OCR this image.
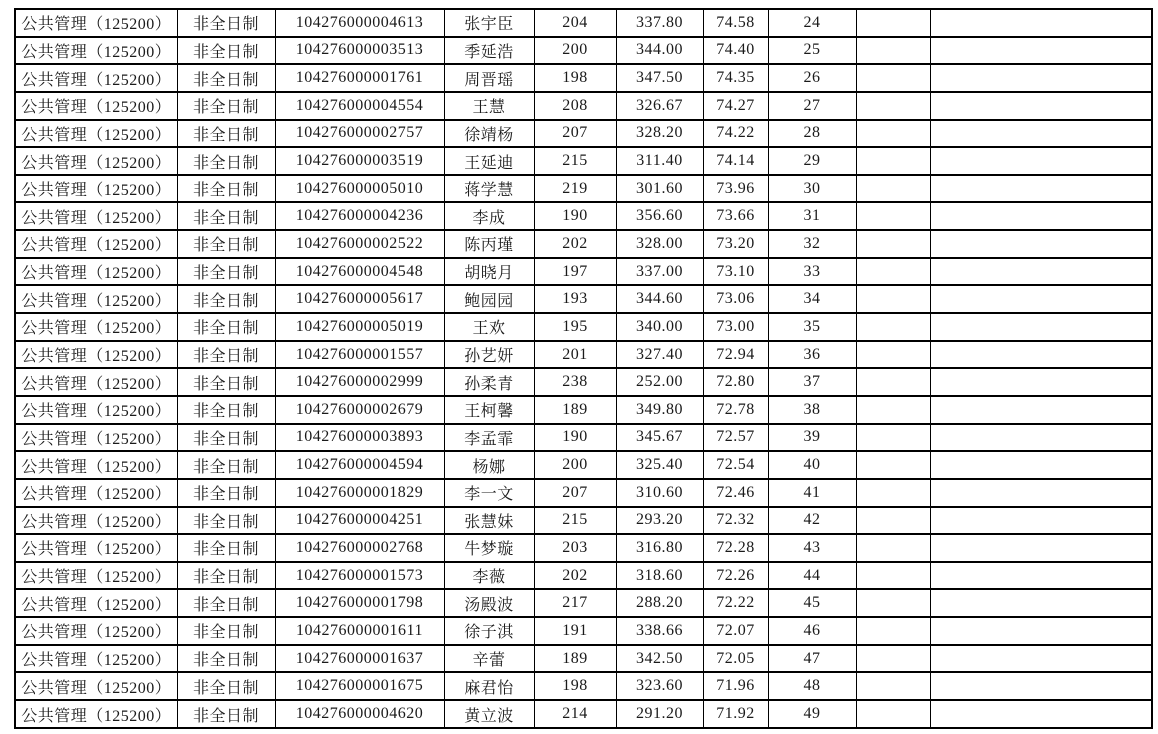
公共管理（125200）	非全日制	104276000004613	张宇臣	204	337.80	74.58	24		
公共管理（125200）	非全日制	104276000003513	季延浩	200	344.00	74.40	25		
公共管理（125200）	非全日制	104276000001761	周晋瑶	198	347.50	74.35	26		
公共管理（125200）	非全日制	104276000004554	王慧	208	326.67	74.27	27		
公共管理（125200）	非全日制	104276000002757	徐靖杨	207	328.20	74.22	28		
公共管理（125200）	非全日制	104276000003519	王延迪	215	311.40	74.14	29		
公共管理（125200）	非全日制	104276000005010	蒋学慧	219	301.60	73.96	30		
公共管理（125200）	非全日制	104276000004236	李成	190	356.60	73.66	31		
公共管理（125200）	非全日制	104276000002522	陈丙瑾	202	328.00	73.20	32		
公共管理（125200）	非全日制	104276000004548	胡晓月	197	337.00	73.10	33		
公共管理（125200）	非全日制	104276000005617	鲍园园	193	344.60	73.06	34		
公共管理（125200）	非全日制	104276000005019	王欢	195	340.00	73.00	35		
公共管理（125200）	非全日制	104276000001557	孙艺妍	201	327.40	72.94	36		
公共管理（125200）	非全日制	104276000002999	孙柔青	238	252.00	72.80	37		
公共管理（125200）	非全日制	104276000002679	王柯馨	189	349.80	72.78	38		
公共管理（125200）	非全日制	104276000003893	李孟霏	190	345.67	72.57	39		
公共管理（125200）	非全日制	104276000004594	杨娜	200	325.40	72.54	40		
公共管理（125200）	非全日制	104276000001829	李一文	207	310.60	72.46	41		
公共管理（125200）	非全日制	104276000004251	张慧妹	215	293.20	72.32	42		
公共管理（125200）	非全日制	104276000002768	牛梦璇	203	316.80	72.28	43		
公共管理（125200）	非全日制	104276000001573	李薇	202	318.60	72.26	44		
公共管理（125200）	非全日制	104276000001798	汤殿波	217	288.20	72.22	45		
公共管理（125200）	非全日制	104276000001611	徐子淇	191	338.66	72.07	46		
公共管理（125200）	非全日制	104276000001637	辛蕾	189	342.50	72.05	47		
公共管理（125200）	非全日制	104276000001675	麻君怡	198	323.60	71.96	48		
公共管理（125200）	非全日制	104276000004620	黄立波	214	291.20	71.92	49		
